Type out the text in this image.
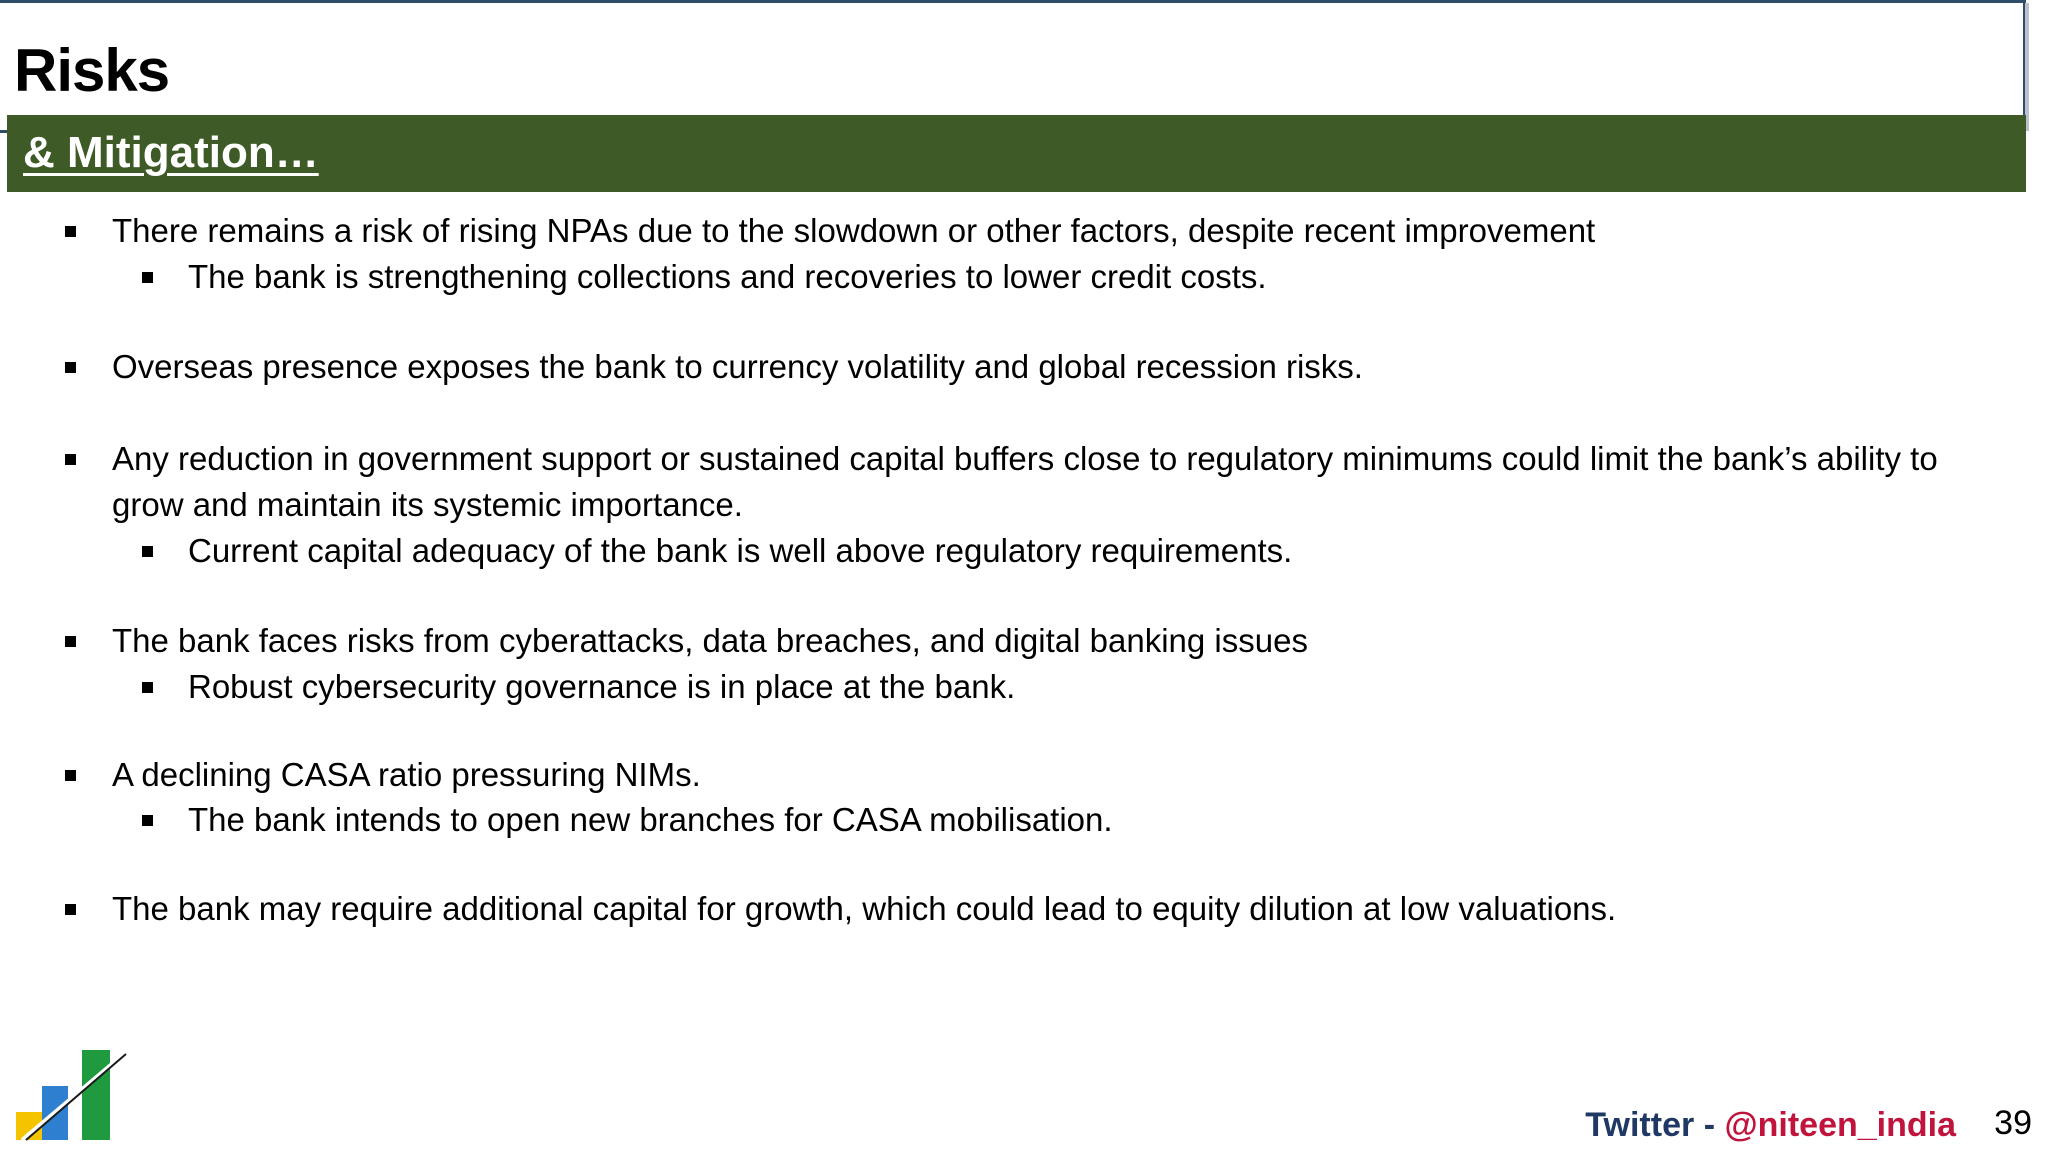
Risks
& Mitigation…
There remains a risk of rising NPAs due to the slowdown or other factors, despite recent improvement
The bank is strengthening collections and recoveries to lower credit costs.
Overseas presence exposes the bank to currency volatility and global recession risks.
Any reduction in government support or sustained capital buffers close to regulatory minimums could limit the bank’s ability to grow and maintain its systemic importance.
Current capital adequacy of the bank is well above regulatory requirements.
The bank faces risks from cyberattacks, data breaches, and digital banking issues
Robust cybersecurity governance is in place at the bank.
A declining CASA ratio pressuring NIMs.
The bank intends to open new branches for CASA mobilisation.
The bank may require additional capital for growth, which could lead to equity dilution at low valuations.
Twitter - @niteen_india 39
